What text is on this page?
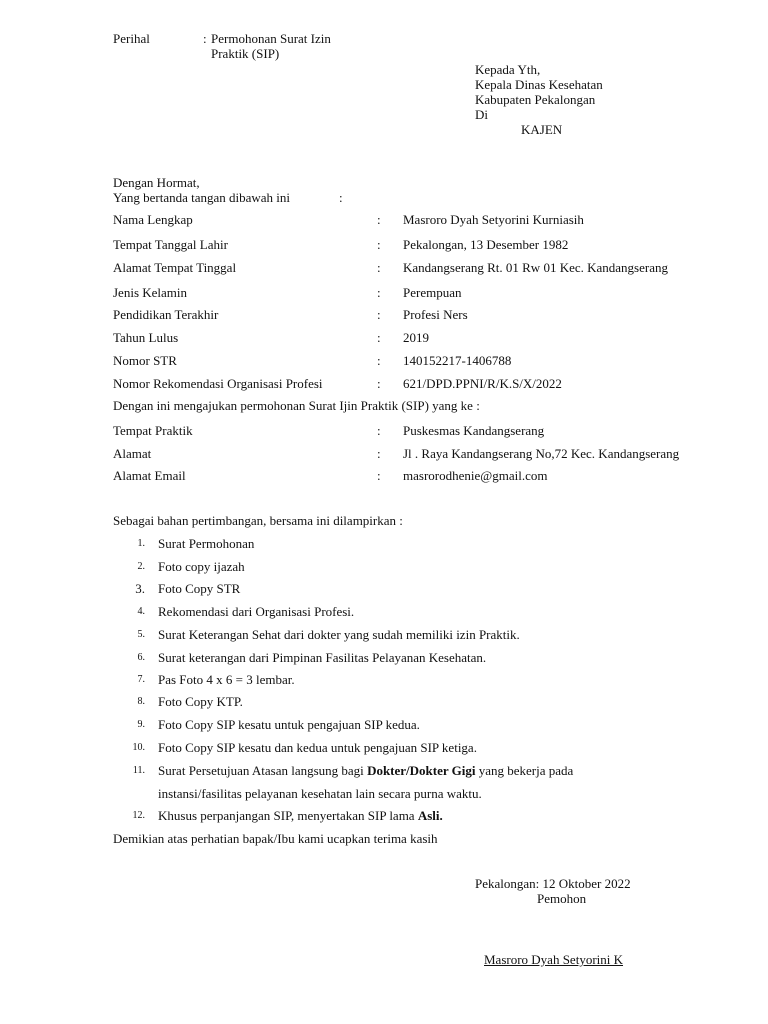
Perihal	: Permohonan Surat Izin
Praktik (SIP)
Kepada Yth,
Kepala Dinas Kesehatan
Kabupaten Pekalongan
Di
KAJEN
Dengan Hormat,
Yang bertanda tangan dibawah ini	:
Nama Lengkap	: Masroro Dyah Setyorini Kurniasih
Tempat Tanggal Lahir	: Pekalongan, 13 Desember 1982
Alamat Tempat Tinggal	: Kandangserang Rt. 01 Rw 01 Kec. Kandangserang
Jenis Kelamin	: Perempuan
Pendidikan Terakhir	: Profesi Ners
Tahun Lulus	: 2019
Nomor STR	: 140152217-1406788
Nomor Rekomendasi Organisasi Profesi	: 621/DPD.PPNI/R/K.S/X/2022
Dengan ini mengajukan permohonan Surat Ijin Praktik (SIP) yang ke :
Tempat Praktik	: Puskesmas Kandangserang
Alamat	: Jl . Raya Kandangserang No,72 Kec. Kandangserang
Alamat Email	: masrorodhenie@gmail.com
Sebagai bahan pertimbangan, bersama ini dilampirkan :
1. Surat Permohonan
2. Foto copy ijazah
3. Foto Copy STR
4. Rekomendasi dari Organisasi Profesi.
5. Surat Keterangan Sehat dari dokter yang sudah memiliki izin Praktik.
6. Surat keterangan dari Pimpinan Fasilitas Pelayanan Kesehatan.
7. Pas Foto 4 x 6 = 3 lembar.
8. Foto Copy KTP.
9. Foto Copy SIP kesatu untuk pengajuan SIP kedua.
10. Foto Copy SIP kesatu dan kedua untuk pengajuan SIP ketiga.
11. Surat Persetujuan Atasan langsung bagi Dokter/Dokter Gigi yang bekerja pada
instansi/fasilitas pelayanan kesehatan lain secara purna waktu.
12. Khusus perpanjangan SIP, menyertakan SIP lama Asli.
Demikian atas perhatian bapak/Ibu kami ucapkan terima kasih
Pekalongan: 12 Oktober 2022
Pemohon
Masroro Dyah Setyorini K
